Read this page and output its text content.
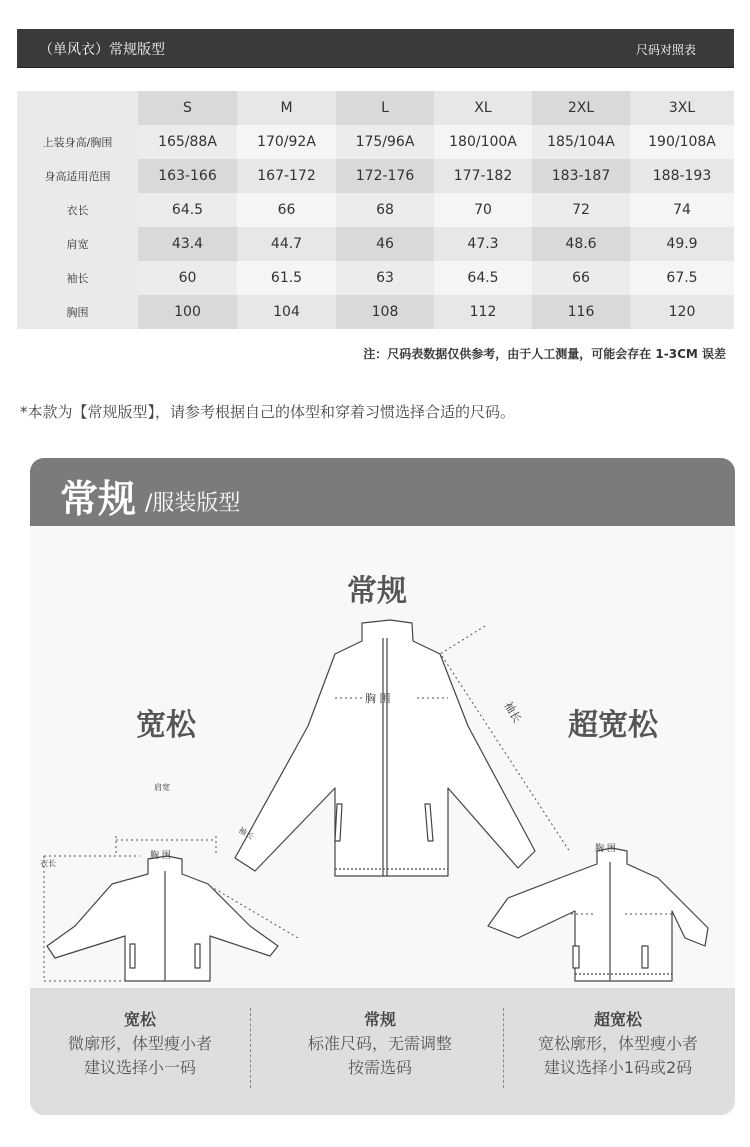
（单风衣）常规版型	尺码对照表
	S	M	L	XL	2XL	3XL
上装身高/胸围	165/88A	170/92A	175/96A	180/100A	185/104A	190/108A
身高适用范围	163-166	167-172	172-176	177-182	183-187	188-193
衣长	64.5	66	68	70	72	74
肩宽	43.4	44.7	46	47.3	48.6	49.9
袖长	60	61.5	63	64.5	66	67.5
胸围	100	104	108	112	116	120
注：尺码表数据仅供参考，由于人工测量，可能会存在 1-3CM 误差
*本款为【常规版型】，请参考根据自己的体型和穿着习惯选择合适的尺码。
常规 /服装版型
常规
宽松	超宽松
胸 围
袖长
肩宽
衣长
胸 围
袖长
胸 围
宽松
微廓形，体型瘦小者
建议选择小一码
常规
标准尺码，无需调整
按需选码
超宽松
宽松廓形，体型瘦小者
建议选择小1码或2码
